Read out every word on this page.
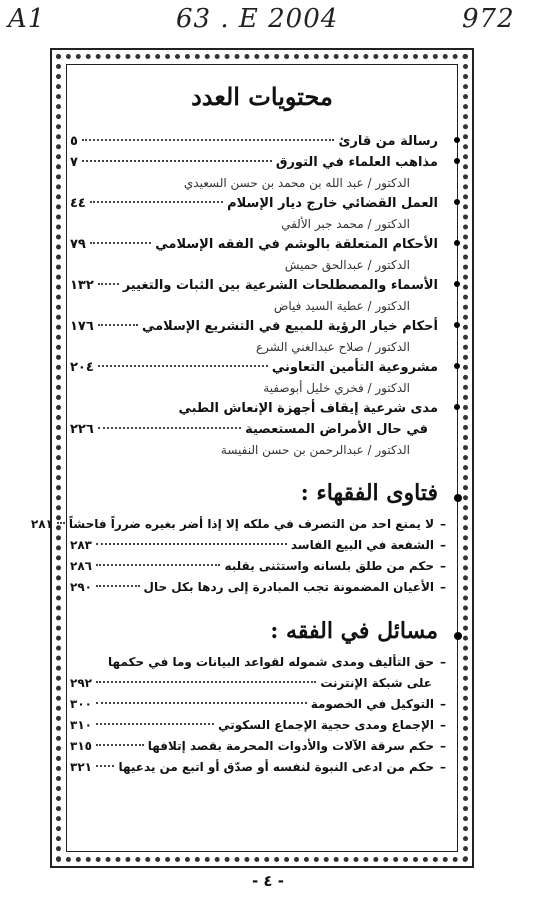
A1	63 . E 2004	972
محتويات العدد
رسالة من قارئ
٥
مذاهب العلماء في التورق
٧
الدكتور / عبد الله بن محمد بن حسن السعيدي
العمل القضائي خارج ديار الإسلام
٤٤
الدكتور / محمد جبر الألفي
الأحكام المتعلقة بالوشم في الفقه الإسلامي
٧٩
الدكتور / عبدالحق حميش
الأسماء والمصطلحات الشرعية بين الثبات والتغيير
١٣٢
الدكتور / عطية السيد فياض
أحكام خيار الرؤية للمبيع في التشريع الإسلامي
١٧٦
الدكتور / صلاح عبدالغني الشرع
مشروعية التأمين التعاوني
٢٠٤
الدكتور / فخري خليل أبوصفية
مدى شرعية إيقاف أجهزة الإنعاش الطبي
في حال الأمراض المستعصية
٢٢٦
الدكتور / عبدالرحمن بن حسن النفيسة
فتاوى الفقهاء :
–
لا يمنع احد من التصرف في ملكه إلا إذا أضر بغيره ضرراً فاحشاً
٢٨١
–
الشفعة في البيع الفاسد
٢٨٣
–
حكم من طلق بلسانه واستثنى بقلبه
٢٨٦
–
الأعيان المضمونة تجب المبادرة إلى ردها بكل حال
٢٩٠
مسائل في الفقه :
–
حق التأليف ومدى شموله لقواعد البيانات وما في حكمها
على شبكة الإنترنت
٢٩٢
–
التوكيل في الخصومة
٣٠٠
–
الإجماع ومدى حجية الإجماع السكوتي
٣١٠
–
حكم سرقة الآلات والأدوات المحرمة بقصد إتلافها
٣١٥
–
حكم من ادعى النبوة لنفسه أو صدّق أو اتبع من يدعيها
٣٢١
- ٤ -
